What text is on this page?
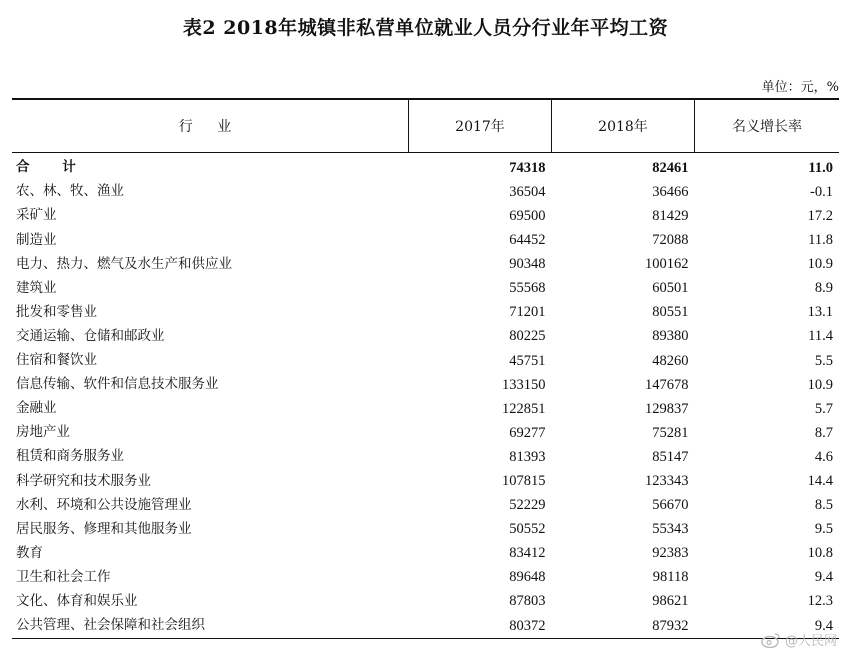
表2 2018年城镇非私营单位就业人员分行业年平均工资
单位：元，%
行 业	2017年	2018年	名义增长率
合 计	74318	82461	11.0
农、林、牧、渔业	36504	36466	-0.1
采矿业	69500	81429	17.2
制造业	64452	72088	11.8
电力、热力、燃气及水生产和供应业	90348	100162	10.9
建筑业	55568	60501	8.9
批发和零售业	71201	80551	13.1
交通运输、仓储和邮政业	80225	89380	11.4
住宿和餐饮业	45751	48260	5.5
信息传输、软件和信息技术服务业	133150	147678	10.9
金融业	122851	129837	5.7
房地产业	69277	75281	8.7
租赁和商务服务业	81393	85147	4.6
科学研究和技术服务业	107815	123343	14.4
水利、环境和公共设施管理业	52229	56670	8.5
居民服务、修理和其他服务业	50552	55343	9.5
教育	83412	92383	10.8
卫生和社会工作	89648	98118	9.4
文化、体育和娱乐业	87803	98621	12.3
公共管理、社会保障和社会组织	80372	87932	9.4
@人民网
